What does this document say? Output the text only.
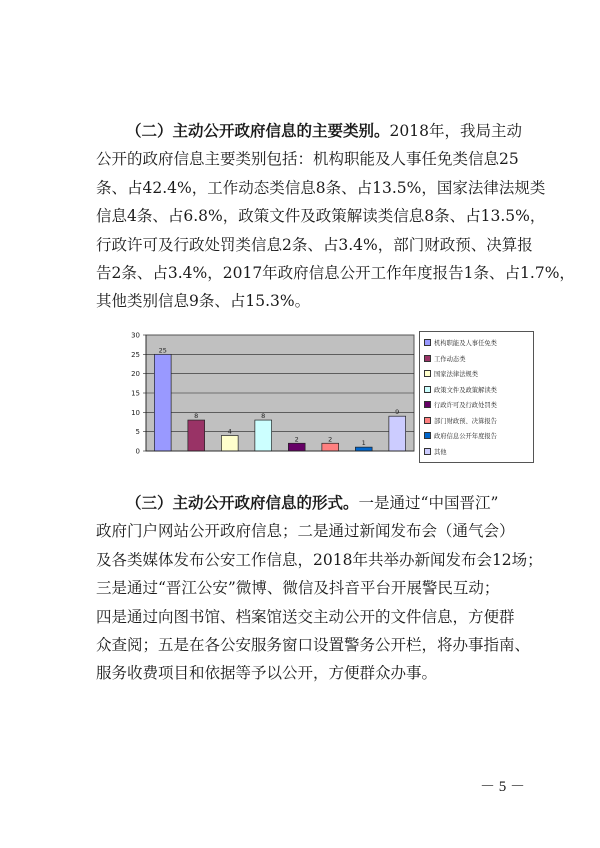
（二）主动公开政府信息的主要类别。2018年，我局主动
公开的政府信息主要类别包括：机构职能及人事任免类信息25
条、占42.4%，工作动态类信息8条、占13.5%，国家法律法规类
信息4条、占6.8%，政策文件及政策解读类信息8条、占13.5%，
行政许可及行政处罚类信息2条、占3.4%，部门财政预、决算报
告2条、占3.4%，2017年政府信息公开工作年度报告1条、占1.7%，
其他类别信息9条、占15.3%。
0
5
10
15
20
25
30
25
8
4
8
2	2	1
9
机构职能及人事任免类
工作动态类
国家法律法规类
政策文件及政策解读类
行政许可及行政处罚类
部门财政预、决算报告
政府信息公开年度报告
其他
（三）主动公开政府信息的形式。一是通过“中国晋江”
政府门户网站公开政府信息；二是通过新闻发布会（通气会）
及各类媒体发布公安工作信息，2018年共举办新闻发布会12场；
三是通过“晋江公安”微博、微信及抖音平台开展警民互动；
四是通过向图书馆、档案馆送交主动公开的文件信息，方便群
众查阅；五是在各公安服务窗口设置警务公开栏，将办事指南、
服务收费项目和依据等予以公开，方便群众办事。
－ 5 －
